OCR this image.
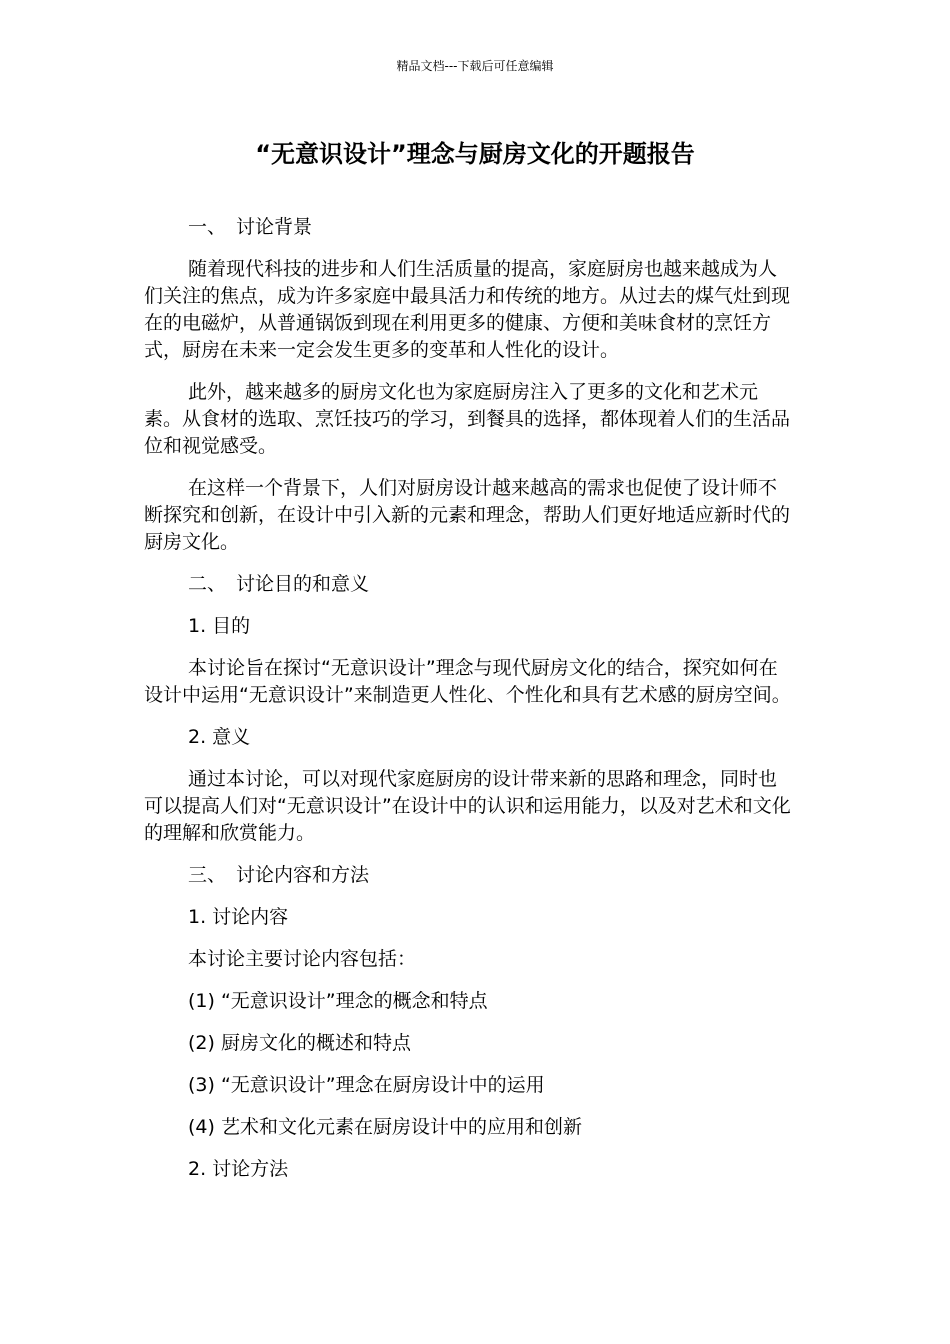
精品文档---下载后可任意编辑
“无意识设计”理念与厨房文化的开题报告

一、 讨论背景

随着现代科技的进步和人们生活质量的提高，家庭厨房也越来越成为人们关注的焦点，成为许多家庭中最具活力和传统的地方。从过去的煤气灶到现在的电磁炉，从普通锅饭到现在利用更多的健康、方便和美味食材的烹饪方式，厨房在未来一定会发生更多的变革和人性化的设计。

此外，越来越多的厨房文化也为家庭厨房注入了更多的文化和艺术元素。从食材的选取、烹饪技巧的学习，到餐具的选择，都体现着人们的生活品位和视觉感受。

在这样一个背景下，人们对厨房设计越来越高的需求也促使了设计师不断探究和创新，在设计中引入新的元素和理念，帮助人们更好地适应新时代的厨房文化。

二、 讨论目的和意义

1. 目的

本讨论旨在探讨“无意识设计”理念与现代厨房文化的结合，探究如何在设计中运用“无意识设计”来制造更人性化、个性化和具有艺术感的厨房空间。

2. 意义

通过本讨论，可以对现代家庭厨房的设计带来新的思路和理念，同时也可以提高人们对“无意识设计”在设计中的认识和运用能力，以及对艺术和文化的理解和欣赏能力。

三、 讨论内容和方法

1. 讨论内容

本讨论主要讨论内容包括：

(1) “无意识设计”理念的概念和特点

(2) 厨房文化的概述和特点

(3) “无意识设计”理念在厨房设计中的运用

(4) 艺术和文化元素在厨房设计中的应用和创新

2. 讨论方法
